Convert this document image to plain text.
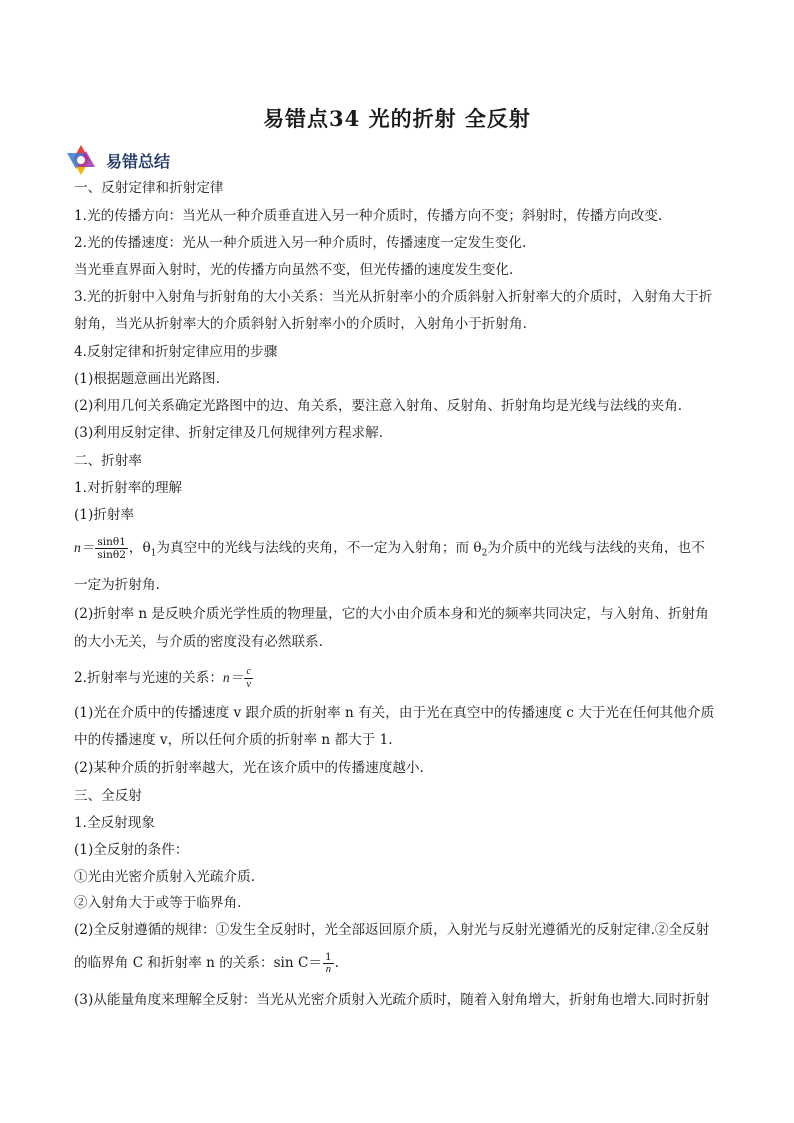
易错点34 光的折射 全反射
易错总结
一、反射定律和折射定律
1.光的传播方向：当光从一种介质垂直进入另一种介质时，传播方向不变；斜射时，传播方向改变.
2.光的传播速度：光从一种介质进入另一种介质时，传播速度一定发生变化.
当光垂直界面入射时，光的传播方向虽然不变，但光传播的速度发生变化.
3.光的折射中入射角与折射角的大小关系：当光从折射率小的介质斜射入折射率大的介质时，入射角大于折
射角，当光从折射率大的介质斜射入折射率小的介质时，入射角小于折射角.
4.反射定律和折射定律应用的步骤
(1)根据题意画出光路图.
(2)利用几何关系确定光路图中的边、角关系，要注意入射角、反射角、折射角均是光线与法线的夹角.
(3)利用反射定律、折射定律及几何规律列方程求解.
二、折射率
1.对折射率的理解
(1)折射率
$n= \frac{\sin\theta 1}{\sin\theta 2}$ ，$\theta_1$为真空中的光线与法线的夹角，不一定为入射角；而 $\theta_2$为介质中的光线与法线的夹角，也不
一定为折射角.
(2)折射率 n 是反映介质光学性质的物理量，它的大小由介质本身和光的频率共同决定，与入射角、折射角
的大小无关，与介质的密度没有必然联系.
2.折射率与光速的关系：$n= \frac{c}{v}$
(1)光在介质中的传播速度 v 跟介质的折射率 n 有关，由于光在真空中的传播速度 c 大于光在任何其他介质
中的传播速度 v，所以任何介质的折射率 n 都大于 1.
(2)某种介质的折射率越大，光在该介质中的传播速度越小.
三、全反射
1.全反射现象
(1)全反射的条件：
①光由光密介质射入光疏介质.
②入射角大于或等于临界角.
(2)全反射遵循的规律：①发生全反射时，光全部返回原介质，入射光与反射光遵循光的反射定律.②全反射
的临界角 C 和折射率 n 的关系：$\sin C= \frac{1}{n}$ .
(3)从能量角度来理解全反射：当光从光密介质射入光疏介质时，随着入射角增大，折射角也增大.同时折射
